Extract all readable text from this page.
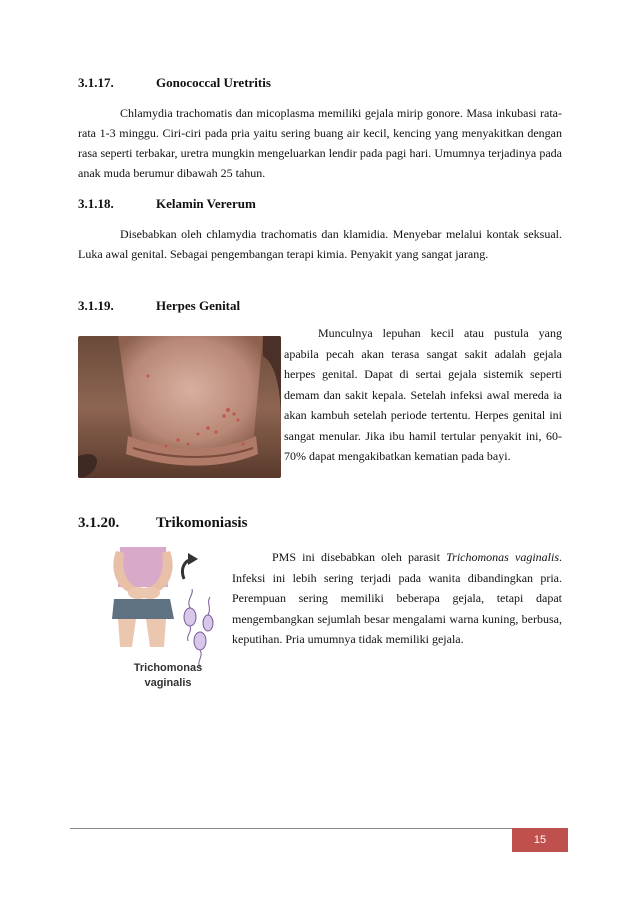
3.1.17.	Gonococcal Uretritis
Chlamydia trachomatis dan micoplasma memiliki gejala mirip gonore. Masa inkubasi rata-rata 1-3 minggu. Ciri-ciri pada pria yaitu sering buang air kecil, kencing yang menyakitkan dengan rasa seperti terbakar, uretra mungkin mengeluarkan lendir pada pagi hari. Umumnya terjadinya pada anak muda berumur dibawah 25 tahun.
3.1.18.	Kelamin Vererum
Disebabkan oleh chlamydia trachomatis dan klamidia. Menyebar melalui kontak seksual. Luka awal genital. Sebagai pengembangan terapi kimia. Penyakit yang sangat jarang.
3.1.19.	Herpes Genital
Munculnya lepuhan kecil atau pustula yang apabila pecah akan terasa sangat sakit adalah gejala herpes genital. Dapat di sertai gejala sistemik seperti demam dan sakit kepala. Setelah infeksi awal mereda ia akan kambuh setelah periode tertentu. Herpes genital ini sangat menular. Jika ibu hamil tertular penyakit ini, 60-70% dapat mengakibatkan kematian pada bayi.
3.1.20. Trikomoniasis
Trichomonas
vaginalis
PMS ini disebabkan oleh parasit Trichomonas vaginalis. Infeksi ini lebih sering terjadi pada wanita dibandingkan pria. Perempuan sering memiliki beberapa gejala, tetapi dapat mengembangkan sejumlah besar mengalami warna kuning, berbusa, keputihan. Pria umumnya tidak memiliki gejala.
15
